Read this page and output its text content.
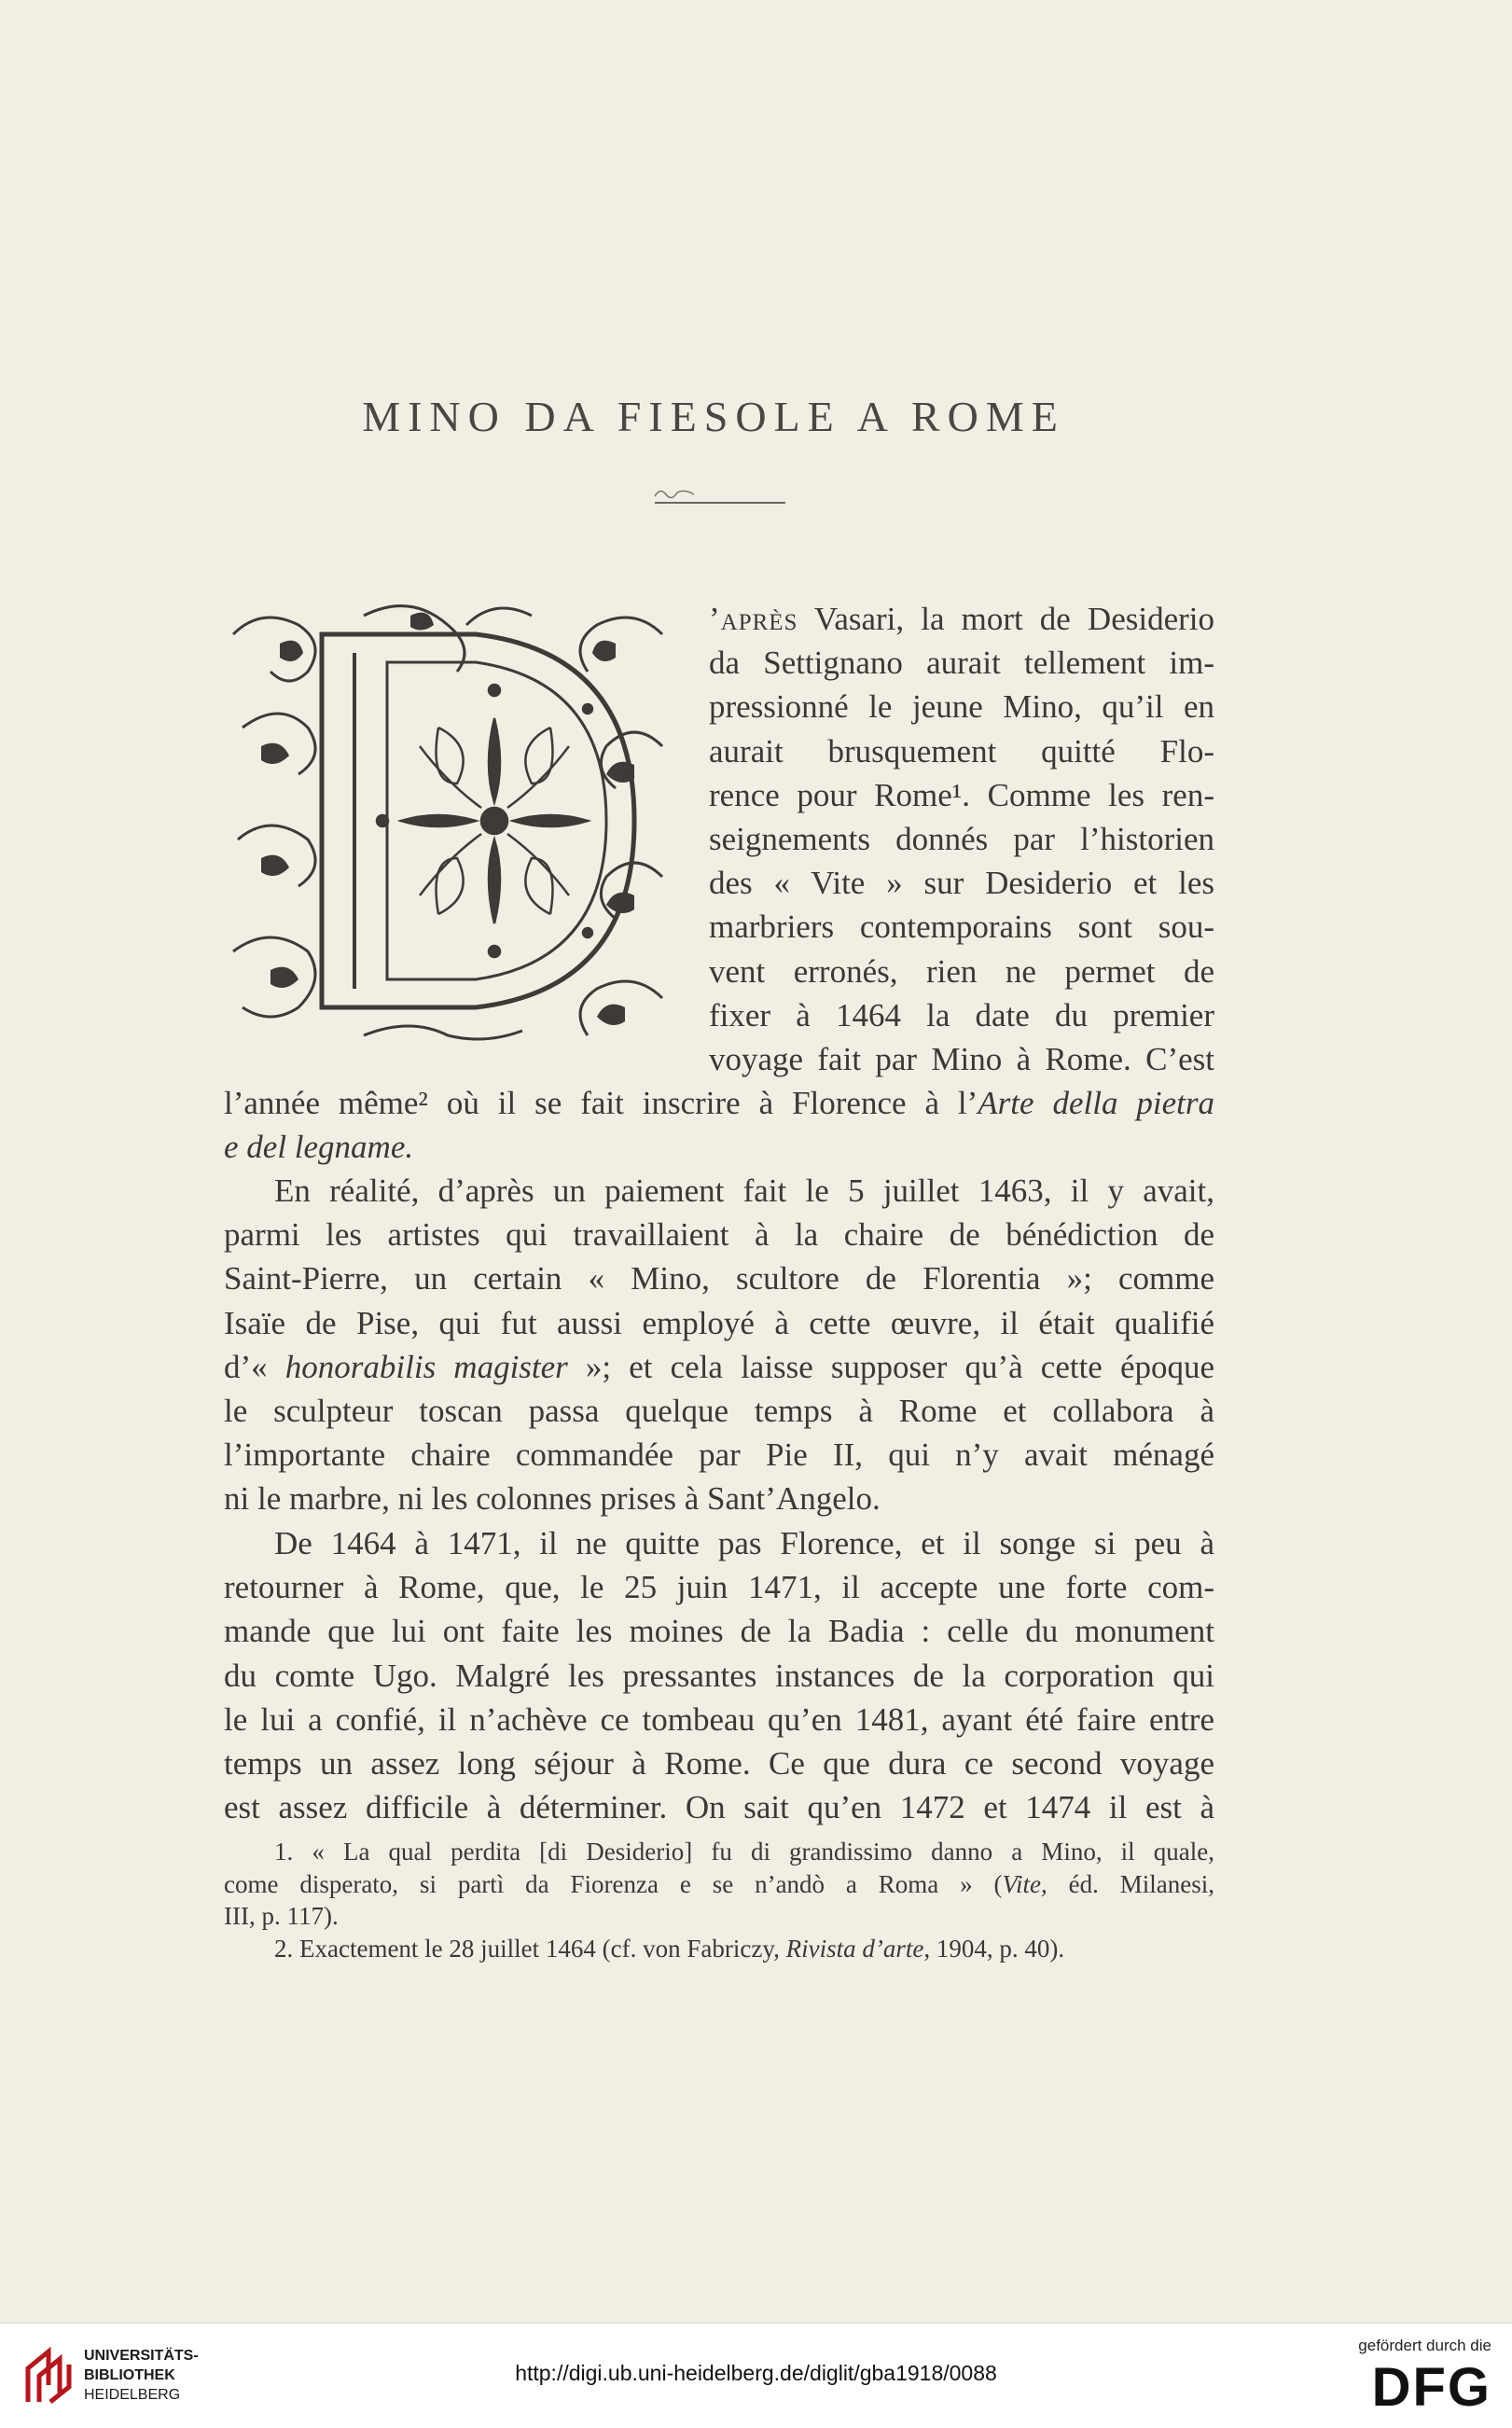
MINO DA FIESOLE A ROME
’après Vasari, la mort de Desiderio
da Settignano aurait tellement im-
pressionné le jeune Mino, qu’il en
aurait brusquement quitté Flo-
rence pour Rome¹. Comme les ren-
seignements donnés par l’historien
des « Vite » sur Desiderio et les
marbriers contemporains sont sou-
vent erronés, rien ne permet de
fixer à 1464 la date du premier
voyage fait par Mino à Rome. C’est
l’année même² où il se fait inscrire à Florence à l’Arte della pietra
e del legname.
En réalité, d’après un paiement fait le 5 juillet 1463, il y avait,
parmi les artistes qui travaillaient à la chaire de bénédiction de
Saint-Pierre, un certain « Mino, scultore de Florentia »; comme
Isaïe de Pise, qui fut aussi employé à cette œuvre, il était qualifié
d’« honorabilis magister »; et cela laisse supposer qu’à cette époque
le sculpteur toscan passa quelque temps à Rome et collabora à
l’importante chaire commandée par Pie II, qui n’y avait ménagé
ni le marbre, ni les colonnes prises à Sant’Angelo.
De 1464 à 1471, il ne quitte pas Florence, et il songe si peu à
retourner à Rome, que, le 25 juin 1471, il accepte une forte com-
mande que lui ont faite les moines de la Badia : celle du monument
du comte Ugo. Malgré les pressantes instances de la corporation qui
le lui a confié, il n’achève ce tombeau qu’en 1481, ayant été faire entre
temps un assez long séjour à Rome. Ce que dura ce second voyage
est assez difficile à déterminer. On sait qu’en 1472 et 1474 il est à
1. « La qual perdita [di Desiderio] fu di grandissimo danno a Mino, il quale,
come disperato, si partì da Fiorenza e se n’andò a Roma » (Vite, éd. Milanesi,
III, p. 117).
2. Exactement le 28 juillet 1464 (cf. von Fabriczy, Rivista d’arte, 1904, p. 40).
UNIVERSITÄTS-
BIBLIOTHEK
HEIDELBERG
http://digi.ub.uni-heidelberg.de/diglit/gba1918/0088
gefördert durch die
DFG
